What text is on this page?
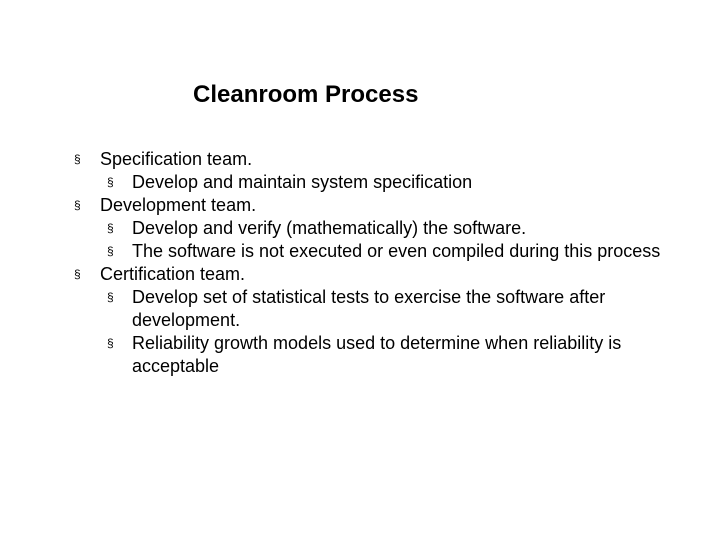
Cleanroom Process
§ Specification team.
§ Develop and maintain system specification
§ Development team.
§ Develop and verify (mathematically) the software.
§ The software is not executed or even compiled during this process
§ Certification team.
§ Develop set of statistical tests to exercise the software after development.
§ Reliability growth models used to determine when reliability is acceptable
